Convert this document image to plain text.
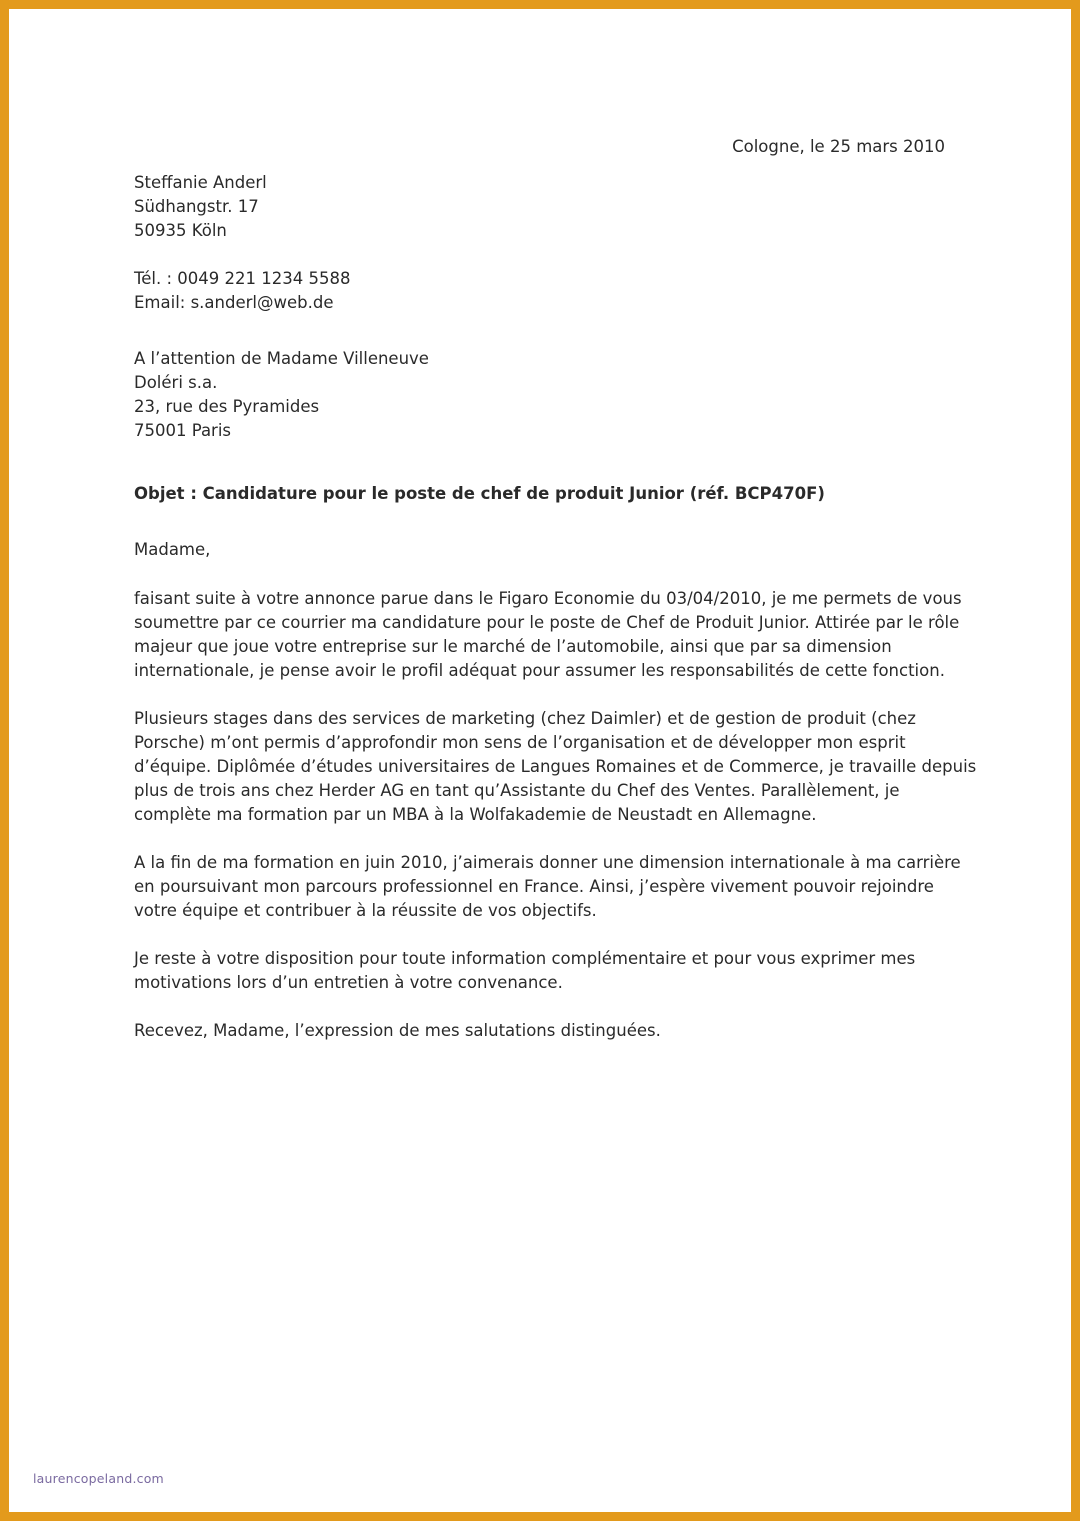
Cologne, le 25 mars 2010
Steffanie Anderl
Südhangstr. 17
50935 Köln
Tél. : 0049 221 1234 5588
Email: s.anderl@web.de
A l’attention de Madame Villeneuve
Doléri s.a.
23, rue des Pyramides
75001 Paris
Objet : Candidature pour le poste de chef de produit Junior (réf. BCP470F)
Madame,
faisant suite à votre annonce parue dans le Figaro Economie du 03/04/2010, je me permets de vous
soumettre par ce courrier ma candidature pour le poste de Chef de Produit Junior. Attirée par le rôle
majeur que joue votre entreprise sur le marché de l’automobile, ainsi que par sa dimension
internationale, je pense avoir le profil adéquat pour assumer les responsabilités de cette fonction.
Plusieurs stages dans des services de marketing (chez Daimler) et de gestion de produit (chez
Porsche) m’ont permis d’approfondir mon sens de l’organisation et de développer mon esprit
d’équipe. Diplômée d’études universitaires de Langues Romaines et de Commerce, je travaille depuis
plus de trois ans chez Herder AG en tant qu’Assistante du Chef des Ventes. Parallèlement, je
complète ma formation par un MBA à la Wolfakademie de Neustadt en Allemagne.
A la fin de ma formation en juin 2010, j’aimerais donner une dimension internationale à ma carrière
en poursuivant mon parcours professionnel en France. Ainsi, j’espère vivement pouvoir rejoindre
votre équipe et contribuer à la réussite de vos objectifs.
Je reste à votre disposition pour toute information complémentaire et pour vous exprimer mes
motivations lors d’un entretien à votre convenance.
Recevez, Madame, l’expression de mes salutations distinguées.
laurencopeland.com
